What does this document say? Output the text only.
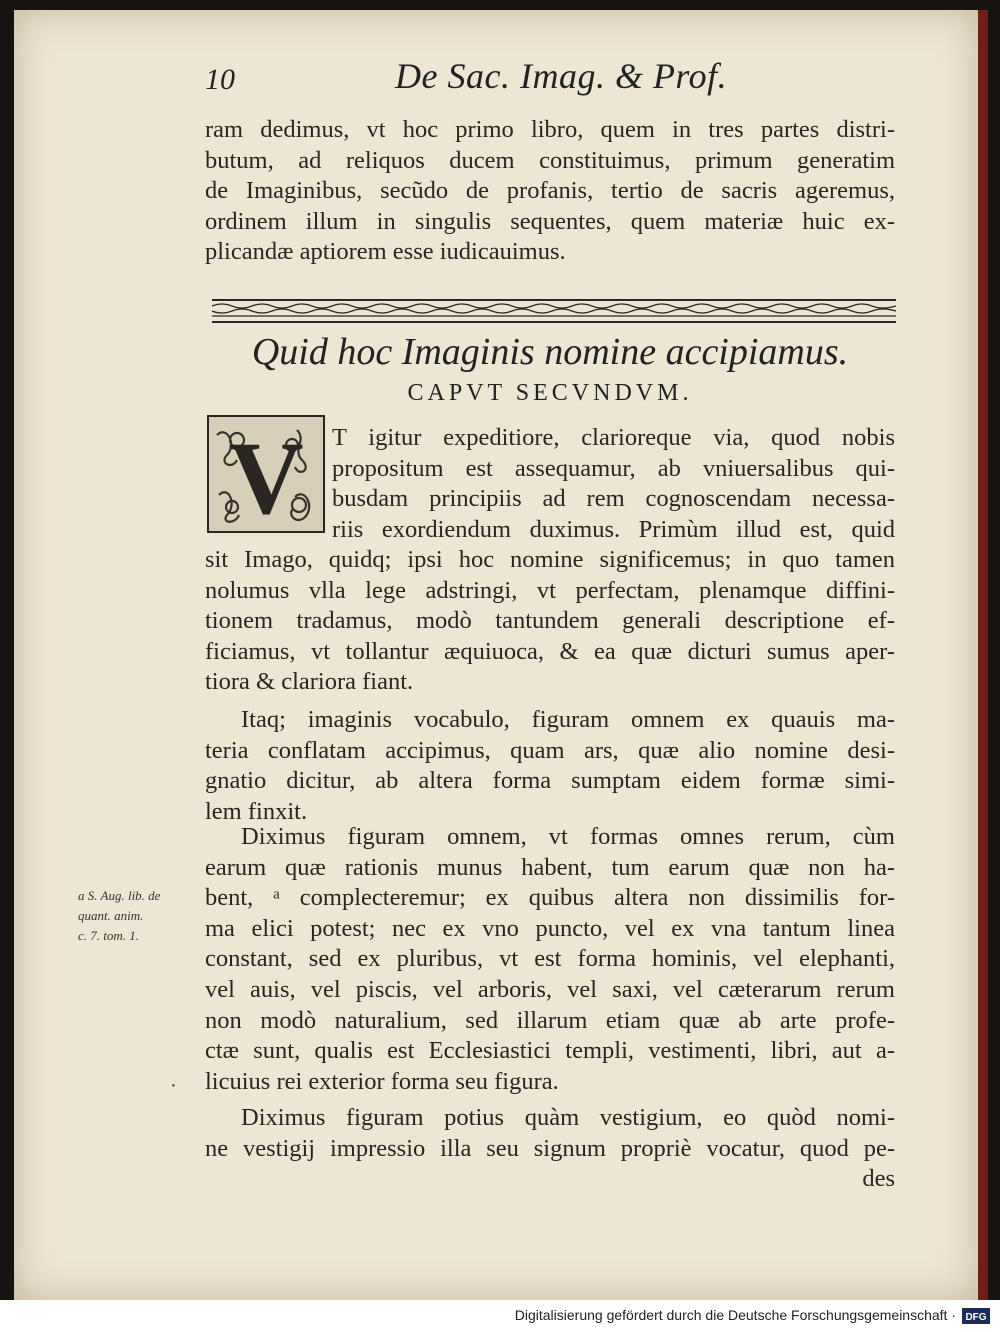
10	De Sac. Imag. & Prof.
ram dedimus, vt hoc primo libro, quem in tres partes distri-
butum, ad reliquos ducem constituimus, primum generatim
de Imaginibus, secũdo de profanis, tertio de sacris ageremus,
ordinem illum in singulis sequentes, quem materiæ huic ex-
plicandæ aptiorem esse iudicauimus.
Quid hoc Imaginis nomine accipiamus.
CAPVT SECVNDVM.
V T igitur expeditiore, clarioreque via, quod nobis
propositum est assequamur, ab vniuersalibus qui-
busdam principiis ad rem cognoscendam necessa-
riis exordiendum duximus. Primùm illud est, quid
sit Imago, quidq; ipsi hoc nomine significemus; in quo tamen
nolumus vlla lege adstringi, vt perfectam, plenamque diffini-
tionem tradamus, modò tantundem generali descriptione ef-
ficiamus, vt tollantur æquiuoca, & ea quæ dicturi sumus aper-
tiora & clariora fiant.
Itaq; imaginis vocabulo, figuram omnem ex quauis ma-
teria conflatam accipimus, quam ars, quæ alio nomine desi-
gnatio dicitur, ab altera forma sumptam eidem formæ simi-
lem finxit.
Diximus figuram omnem, vt formas omnes rerum, cùm
earum quæ rationis munus habent, tum earum quæ non ha-
bent, ᵃ complecteremur; ex quibus altera non dissimilis for-
ma elici potest; nec ex vno puncto, vel ex vna tantum linea
constant, sed ex pluribus, vt est forma hominis, vel elephanti,
vel auis, vel piscis, vel arboris, vel saxi, vel cæterarum rerum
non modò naturalium, sed illarum etiam quæ ab arte profe-
ctæ sunt, qualis est Ecclesiastici templi, vestimenti, libri, aut a-
licuius rei exterior forma seu figura.
Diximus figuram potius quàm vestigium, eo quòd nomi-
ne vestigij impressio illa seu signum propriè vocatur, quod pe-
des
a S. Aug. lib. de
quant. anim.
c. 7. tom. 1.
·
Digitalisierung gefördert durch die Deutsche Forschungsgemeinschaft · DFG
